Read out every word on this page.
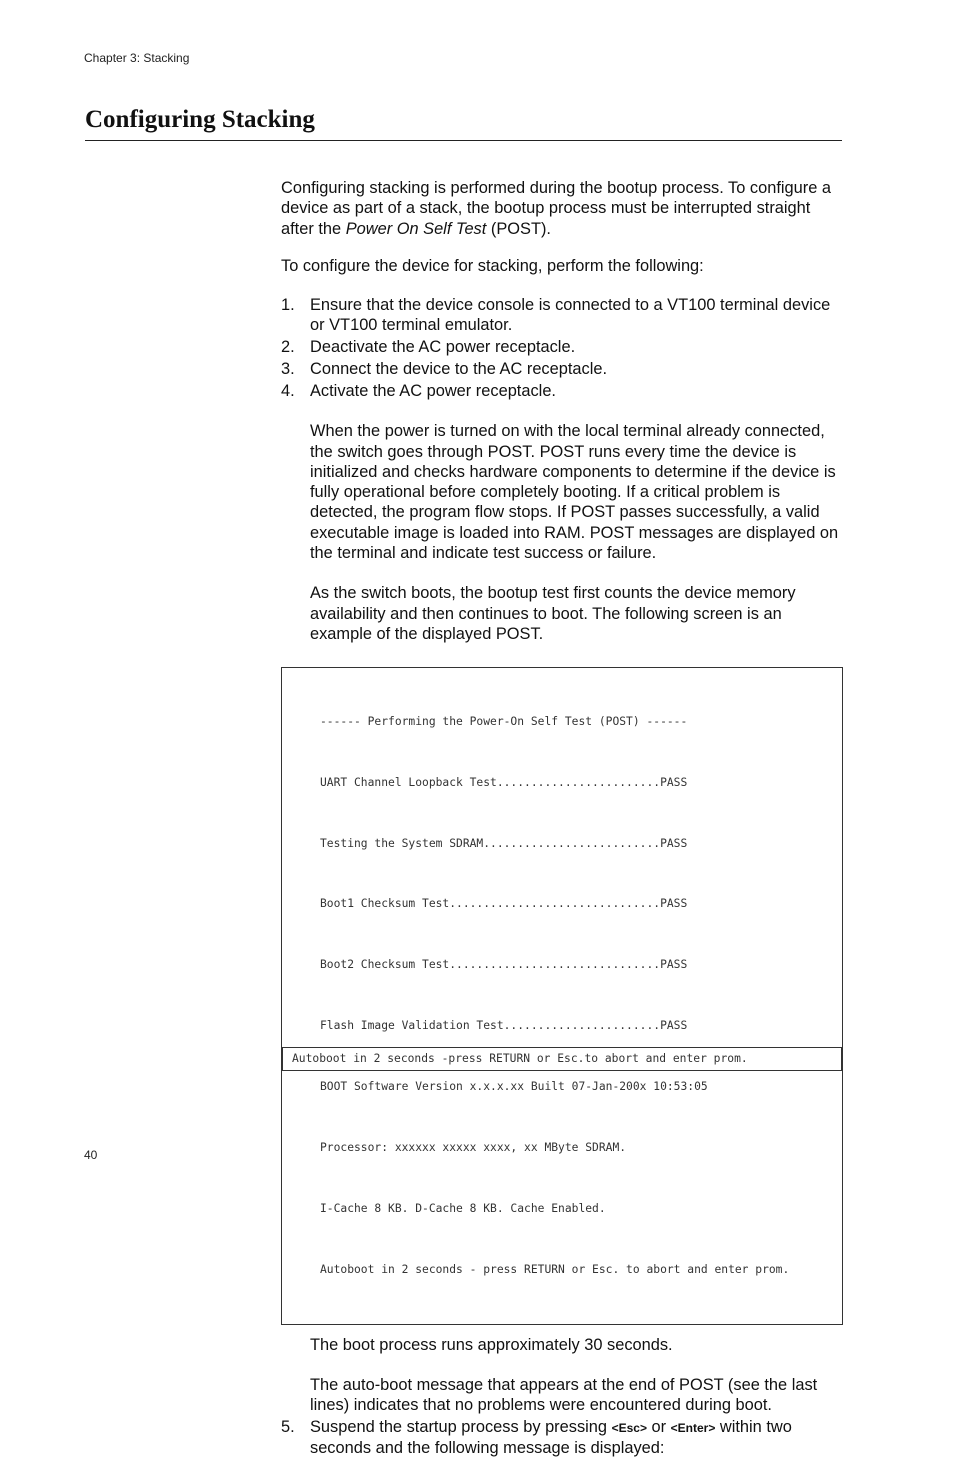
Chapter 3: Stacking
Configuring Stacking

Configuring stacking is performed during the bootup process. To configure a device as part of a stack, the bootup process must be interrupted straight after the Power On Self Test (POST).

To configure the device for stacking, perform the following:

1. Ensure that the device console is connected to a VT100 terminal device or VT100 terminal emulator.
2. Deactivate the AC power receptacle.
3. Connect the device to the AC receptacle.
4. Activate the AC power receptacle.

When the power is turned on with the local terminal already connected, the switch goes through POST. POST runs every time the device is initialized and checks hardware components to determine if the device is fully operational before completely booting. If a critical problem is detected, the program flow stops. If POST passes successfully, a valid executable image is loaded into RAM. POST messages are displayed on the terminal and indicate test success or failure.

As the switch boots, the bootup test first counts the device memory availability and then continues to boot. The following screen is an example of the displayed POST.

------ Performing the Power-On Self Test (POST) ------

UART Channel Loopback Test........................PASS

Testing the System SDRAM..........................PASS

Boot1 Checksum Test...............................PASS

Boot2 Checksum Test...............................PASS

Flash Image Validation Test.......................PASS

BOOT Software Version x.x.x.xx Built 07-Jan-200x 10:53:05

Processor: xxxxxx xxxxx xxxx, xx MByte SDRAM.

I-Cache 8 KB. D-Cache 8 KB. Cache Enabled.

Autoboot in 2 seconds - press RETURN or Esc. to abort and enter prom.

The boot process runs approximately 30 seconds.

The auto-boot message that appears at the end of POST (see the last lines) indicates that no problems were encountered during boot.

5. Suspend the startup process by pressing <Esc> or <Enter> within two seconds and the following message is displayed:
Autoboot in 2 seconds -press RETURN or Esc.to abort and enter prom.
40
